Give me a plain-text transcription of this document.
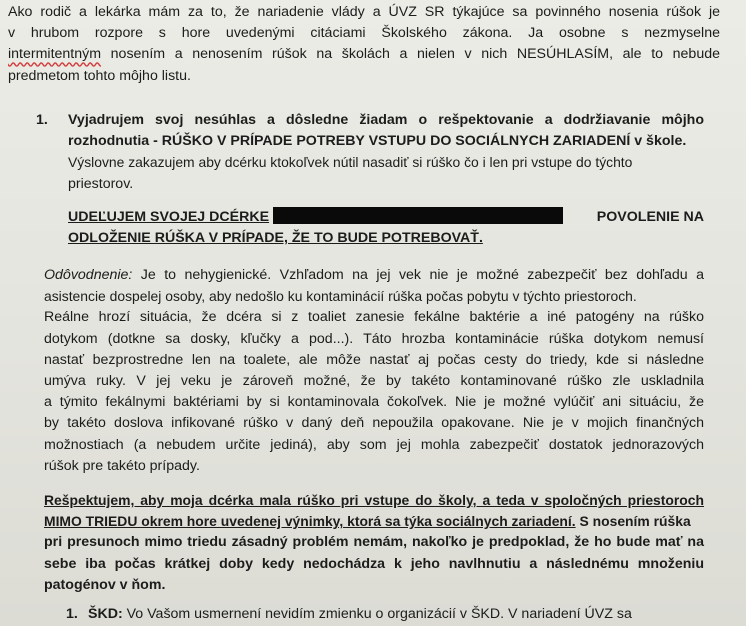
Ako rodič a lekárka mám za to, že nariadenie vlády a ÚVZ SR týkajúce sa povinného nosenia rúšok je
v hrubom rozpore s hore uvedenými citáciami Školského zákona. Ja osobne s nezmyselne
intermitentným nosením a nenosením rúšok na školách a nielen v nich NESÚHLASÍM, ale to nebude
predmetom tohto môjho listu.
1. Vyjadrujem svoj nesúhlas a dôsledne žiadam o rešpektovanie a dodržiavanie môjho
rozhodnutia - RÚŠKO V PRÍPADE POTREBY VSTUPU DO SOCIÁLNYCH ZARIADENÍ v škole.
Výslovne zakazujem aby dcérku ktokoľvek nútil nasadiť si rúško čo i len pri vstupe do týchto
priestorov.
UDEĽUJEM SVOJEJ DCÉRKE	POVOLENIE NA
ODLOŽENIE RÚŠKA V PRÍPADE, ŽE TO BUDE POTREBOVAŤ.
Odôvodnenie: Je to nehygienické. Vzhľadom na jej vek nie je možné zabezpečiť bez dohľadu a
asistencie dospelej osoby, aby nedošlo ku kontaminácií rúška počas pobytu v týchto priestoroch.
Reálne hrozí situácia, že dcéra si z toaliet zanesie fekálne baktérie a iné patogény na rúško
dotykom (dotkne sa dosky, kľučky a pod...). Táto hrozba kontaminácie rúška dotykom nemusí
nastať bezprostredne len na toalete, ale môže nastať aj počas cesty do triedy, kde si následne
umýva ruky. V jej veku je zároveň možné, že by takéto kontaminované rúško zle uskladnila
a týmito fekálnymi baktériami by si kontaminovala čokoľvek. Nie je možné vylúčiť ani situáciu, že
by takéto doslova infikované rúško v daný deň nepoužila opakovane. Nie je v mojich finančných
možnostiach (a nebudem určite jediná), aby som jej mohla zabezpečiť dostatok jednorazových
rúšok pre takéto prípady.
Rešpektujem, aby moja dcérka mala rúško pri vstupe do školy, a teda v spoločných priestoroch
MIMO TRIEDU okrem hore uvedenej výnimky, ktorá sa týka sociálnych zariadení. S nosením rúška
pri presunoch mimo triedu zásadný problém nemám, nakoľko je predpoklad, že ho bude mať na
sebe iba počas krátkej doby kedy nedochádza k jeho navlhnutiu a následnému množeniu
patogénov v ňom.
1. ŠKD: Vo Vašom usmernení nevidím zmienku o organizácií v ŠKD. V nariadení ÚVZ sa
